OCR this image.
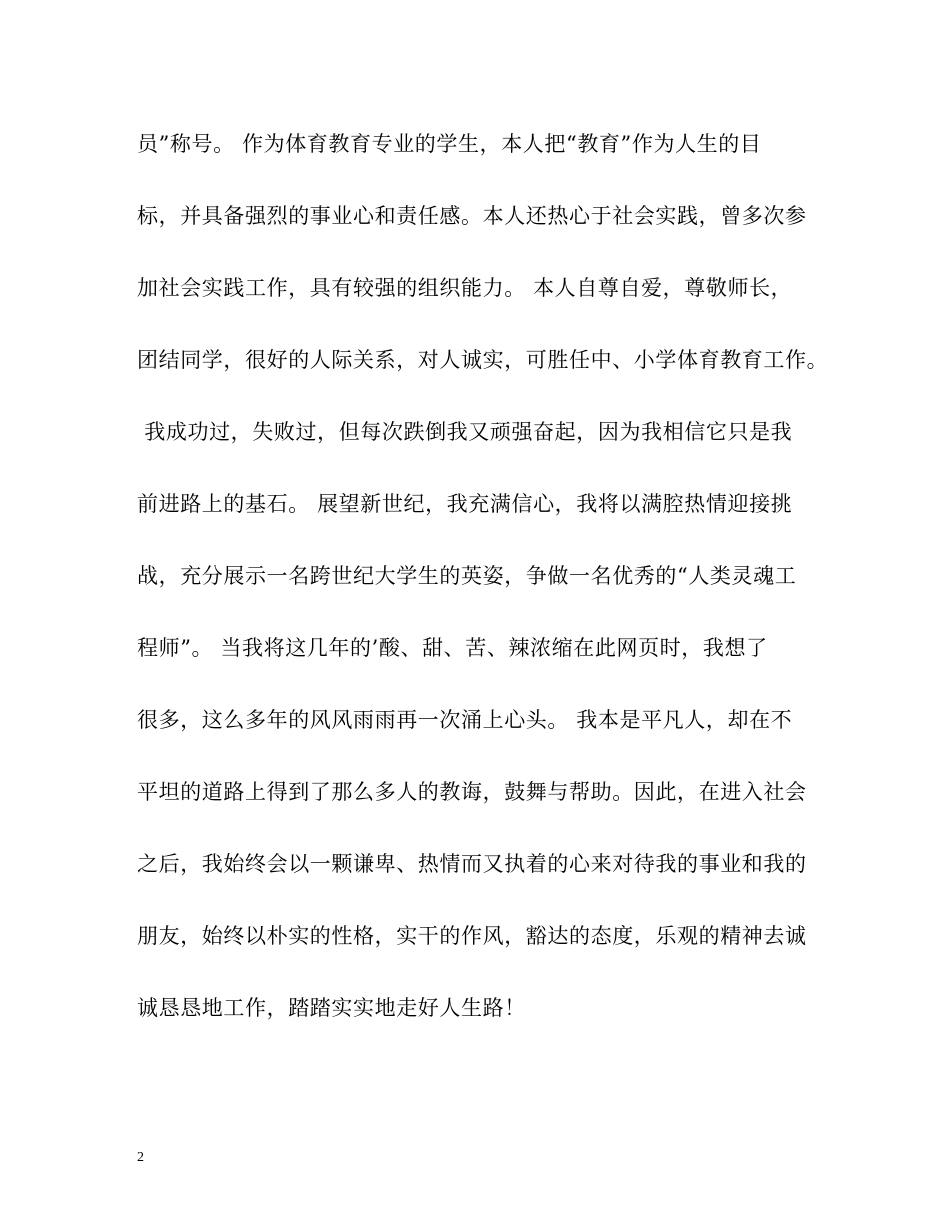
员”称号。 作为体育教育专业的学生，本人把“教育”作为人生的目
标，并具备强烈的事业心和责任感。本人还热心于社会实践，曾多次参
加社会实践工作，具有较强的组织能力。 本人自尊自爱，尊敬师长，
团结同学，很好的人际关系，对人诚实，可胜任中、小学体育教育工作。
我成功过，失败过，但每次跌倒我又顽强奋起，因为我相信它只是我
前进路上的基石。 展望新世纪，我充满信心，我将以满腔热情迎接挑
战，充分展示一名跨世纪大学生的英姿，争做一名优秀的“人类灵魂工
程师”。 当我将这几年的’酸、甜、苦、辣浓缩在此网页时，我想了
很多，这么多年的风风雨雨再一次涌上心头。 我本是平凡人，却在不
平坦的道路上得到了那么多人的教诲，鼓舞与帮助。因此，在进入社会
之后，我始终会以一颗谦卑、热情而又执着的心来对待我的事业和我的
朋友，始终以朴实的性格，实干的作风，豁达的态度，乐观的精神去诚
诚恳恳地工作，踏踏实实地走好人生路！
2
